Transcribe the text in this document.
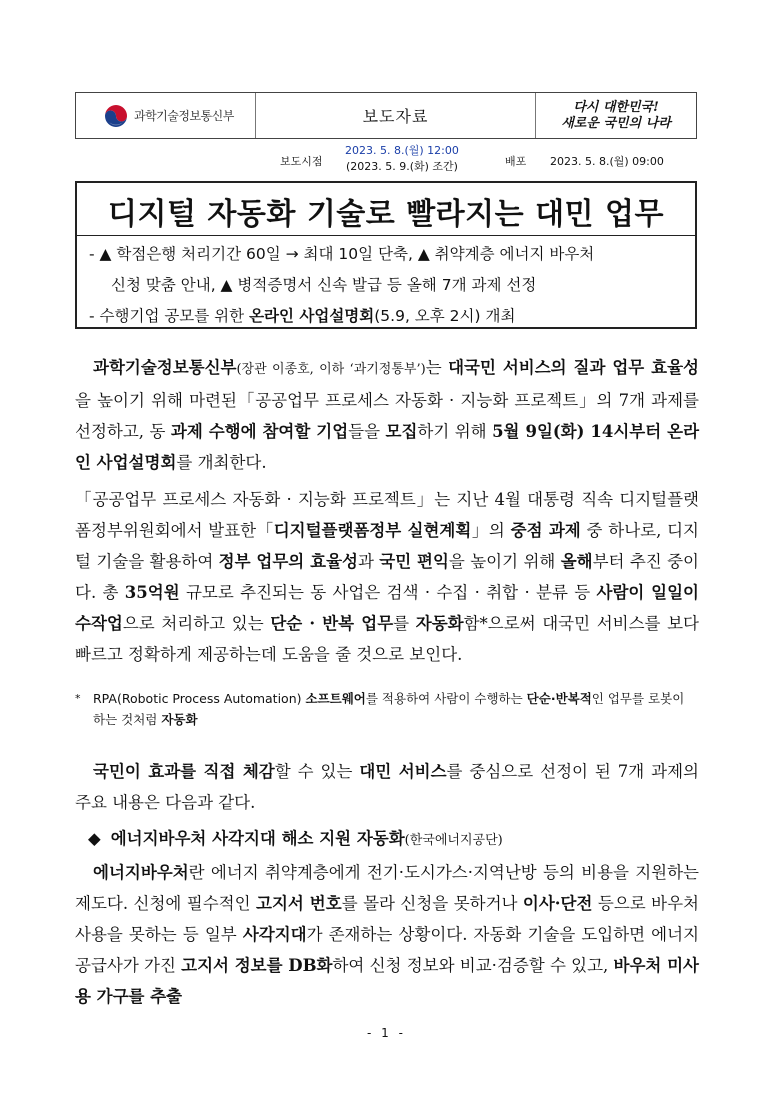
과학기술정보통신부	보도자료	다시 대한민국!
새로운 국민의 나라
보도시점
2023. 5. 8.(월) 12:00
(2023. 5. 9.(화) 조간)	배포 2023. 5. 8.(월) 09:00
디지털 자동화 기술로 빨라지는 대민 업무
- ▲ 학점은행 처리기간 60일 → 최대 10일 단축, ▲ 취약계층 에너지 바우처
신청 맞춤 안내, ▲ 병적증명서 신속 발급 등 올해 7개 과제 선정
- 수행기업 공모를 위한 온라인 사업설명회(5.9, 오후 2시) 개최
과학기술정보통신부(장관 이종호, 이하 ‘과기정통부’)는 대국민 서비스의 질과 업무 효율성을 높이기 위해 마련된「공공업무 프로세스 자동화 · 지능화 프로젝트」의 7개 과제를 선정하고, 동 과제 수행에 참여할 기업들을 모집하기 위해 5월 9일(화) 14시부터 온라인 사업설명회를 개최한다.
「공공업무 프로세스 자동화 · 지능화 프로젝트」는 지난 4월 대통령 직속 디지털플랫폼정부위원회에서 발표한「디지털플랫폼정부 실현계획」의 중점 과제 중 하나로, 디지털 기술을 활용하여 정부 업무의 효율성과 국민 편익을 높이기 위해 올해부터 추진 중이다. 총 35억원 규모로 추진되는 동 사업은 검색 · 수집 · 취합 · 분류 등 사람이 일일이 수작업으로 처리하고 있는 단순 · 반복 업무를 자동화함*으로써 대국민 서비스를 보다 빠르고 정확하게 제공하는데 도움을 줄 것으로 보인다.
*	RPA(Robotic Process Automation) 소프트웨어를 적용하여 사람이 수행하는 단순·반복적인 업무를 로봇이 하는 것처럼 자동화
국민이 효과를 직접 체감할 수 있는 대민 서비스를 중심으로 선정이 된 7개 과제의 주요 내용은 다음과 같다.
◆ 에너지바우처 사각지대 해소 지원 자동화(한국에너지공단)
에너지바우처란 에너지 취약계층에게 전기·도시가스·지역난방 등의 비용을 지원하는 제도다. 신청에 필수적인 고지서 번호를 몰라 신청을 못하거나 이사·단전 등으로 바우처 사용을 못하는 등 일부 사각지대가 존재하는 상황이다. 자동화 기술을 도입하면 에너지공급사가 가진 고지서 정보를 DB화하여 신청 정보와 비교·검증할 수 있고, 바우처 미사용 가구를 추출
- 1 -
